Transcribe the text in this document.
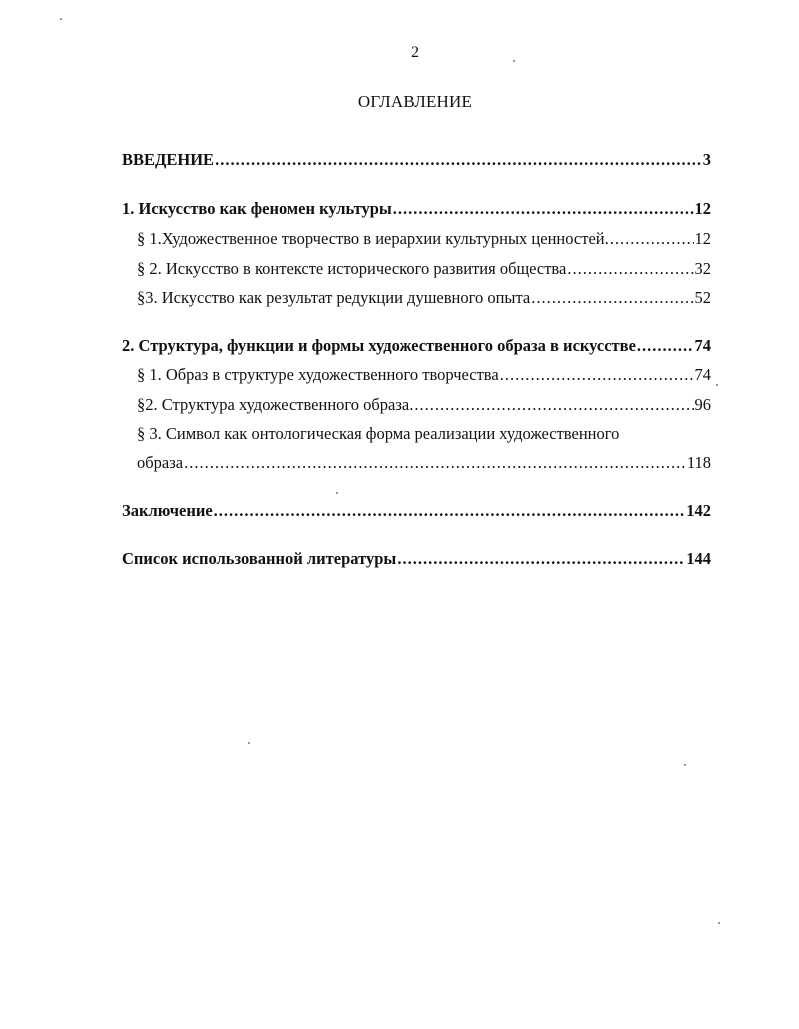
2
ОГЛАВЛЕНИЕ
ВВЕДЕНИЕ .....	3
1. Искусство как феномен культуры .....	12
§ 1.Художественное творчество в иерархии культурных ценностей. .....	12
§ 2. Искусство в контексте исторического развития общества .....	32
§3. Искусство как результат редукции душевного опыта .....	52
2. Структура, функции и формы художественного образа в искусстве .....	74
§ 1. Образ в структуре художественного творчества .....	74
§2. Структура художественного образа. .....	96
§ 3. Символ как онтологическая форма реализации художественного
образа .....	118
Заключение .....	142
Список использованной литературы .....	144
